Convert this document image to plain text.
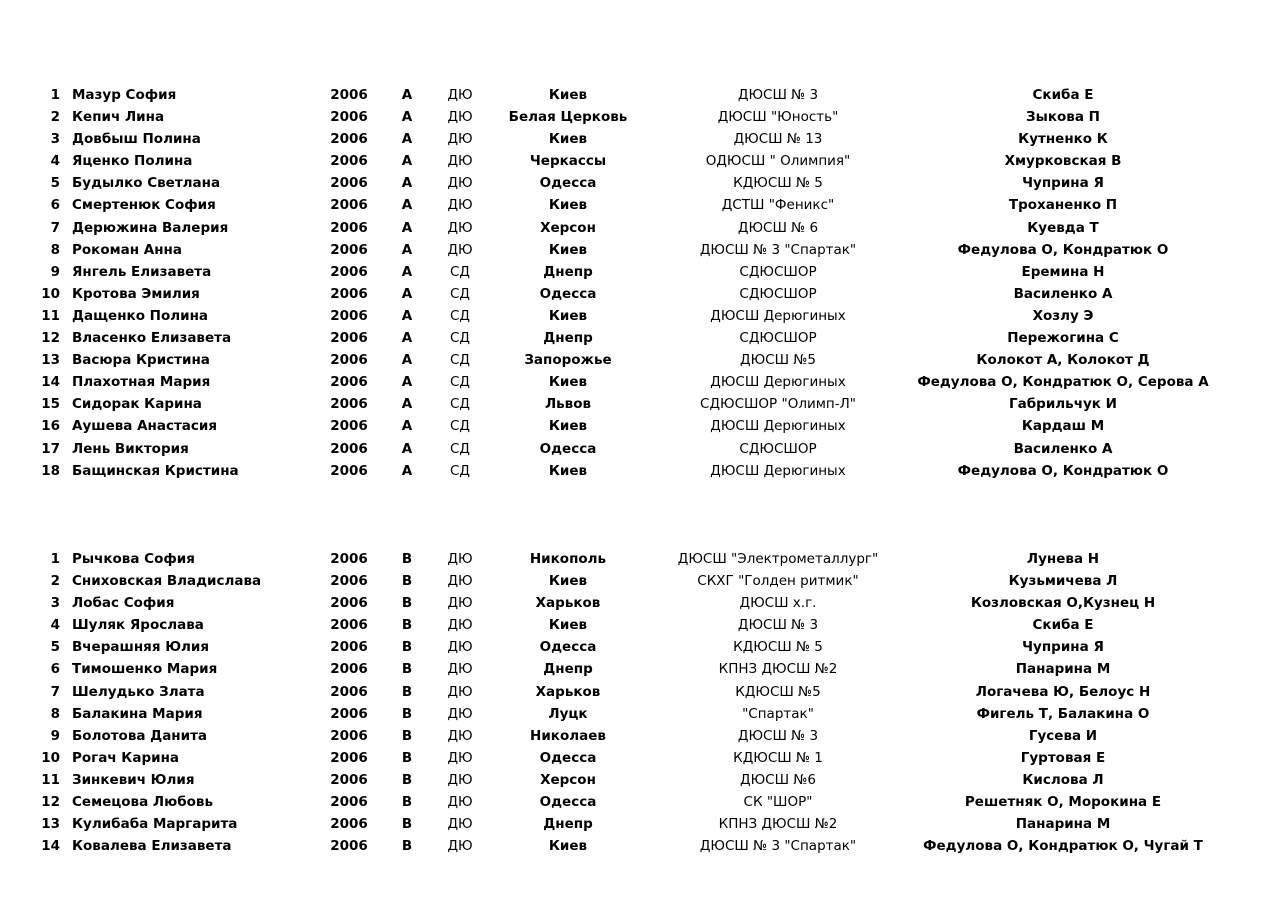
1 Мазур София	2006	А	ДЮ	Киев	ДЮСШ № 3	Скиба Е
2 Кепич Лина	2006	А	ДЮ	Белая Церковь	ДЮСШ "Юность"	Зыкова П
3 Довбыш Полина	2006	А	ДЮ	Киев	ДЮСШ № 13	Кутненко К
4 Яценко Полина	2006	А	ДЮ	Черкассы	ОДЮСШ " Олимпия"	Хмурковская В
5 Будылко Светлана	2006	А	ДЮ	Одесса	КДЮСШ № 5	Чуприна Я
6 Смертенюк София	2006	А	ДЮ	Киев	ДСТШ "Феникс"	Троханенко П
7 Дерюжина Валерия	2006	А	ДЮ	Херсон	ДЮСШ № 6	Куевда Т
8 Рокоман Анна	2006	А	ДЮ	Киев	ДЮСШ № 3 "Спартак"	Федулова О, Кондратюк О
9 Янгель Елизавета	2006	А	СД	Днепр	СДЮСШОР	Еремина Н
10 Кротова Эмилия	2006	А	СД	Одесса	СДЮСШОР	Василенко А
11 Дащенко Полина	2006	А	СД	Киев	ДЮСШ Дерюгиных	Хозлу Э
12 Власенко Елизавета	2006	А	СД	Днепр	СДЮСШОР	Пережогина С
13 Васюра Кристина	2006	А	СД	Запорожье	ДЮСШ №5	Колокот А, Колокот Д
14 Плахотная Мария	2006	А	СД	Киев	ДЮСШ Дерюгиных	Федулова О, Кондратюк О, Серова А
15 Сидорак Карина	2006	А	СД	Львов	СДЮСШОР "Олимп-Л"	Габрильчук И
16 Аушева Анастасия	2006	А	СД	Киев	ДЮСШ Дерюгиных	Кардаш М
17 Лень Виктория	2006	А	СД	Одесса	СДЮСШОР	Василенко А
18 Бащинская Кристина	2006	А	СД	Киев	ДЮСШ Дерюгиных	Федулова О, Кондратюк О
1 Рычкова София	2006	В	ДЮ	Никополь	ДЮСШ "Электрометаллург"	Лунева Н
2 Сниховская Владислава	2006	В	ДЮ	Киев	СКХГ "Голден ритмик"	Кузьмичева Л
3 Лобас София	2006	В	ДЮ	Харьков	ДЮСШ х.г.	Козловская О,Кузнец Н
4 Шуляк Ярослава	2006	В	ДЮ	Киев	ДЮСШ № 3	Скиба Е
5 Вчерашняя Юлия	2006	В	ДЮ	Одесса	КДЮСШ № 5	Чуприна Я
6 Тимошенко Мария	2006	В	ДЮ	Днепр	КПНЗ ДЮСШ №2	Панарина М
7 Шелудько Злата	2006	В	ДЮ	Харьков	КДЮСШ №5	Логачева Ю, Белоус Н
8 Балакина Мария	2006	В	ДЮ	Луцк	"Спартак"	Фигель Т, Балакина О
9 Болотова Данита	2006	В	ДЮ	Николаев	ДЮСШ № 3	Гусева И
10 Рогач Карина	2006	В	ДЮ	Одесса	КДЮСШ № 1	Гуртовая Е
11 Зинкевич Юлия	2006	В	ДЮ	Херсон	ДЮСШ №6	Кислова Л
12 Семецова Любовь	2006	В	ДЮ	Одесса	СК "ШОР"	Решетняк О, Морокина Е
13 Кулибаба Маргарита	2006	В	ДЮ	Днепр	КПНЗ ДЮСШ №2	Панарина М
14 Ковалева Елизавета	2006	В	ДЮ	Киев	ДЮСШ № 3 "Спартак"	Федулова О, Кондратюк О, Чугай Т
